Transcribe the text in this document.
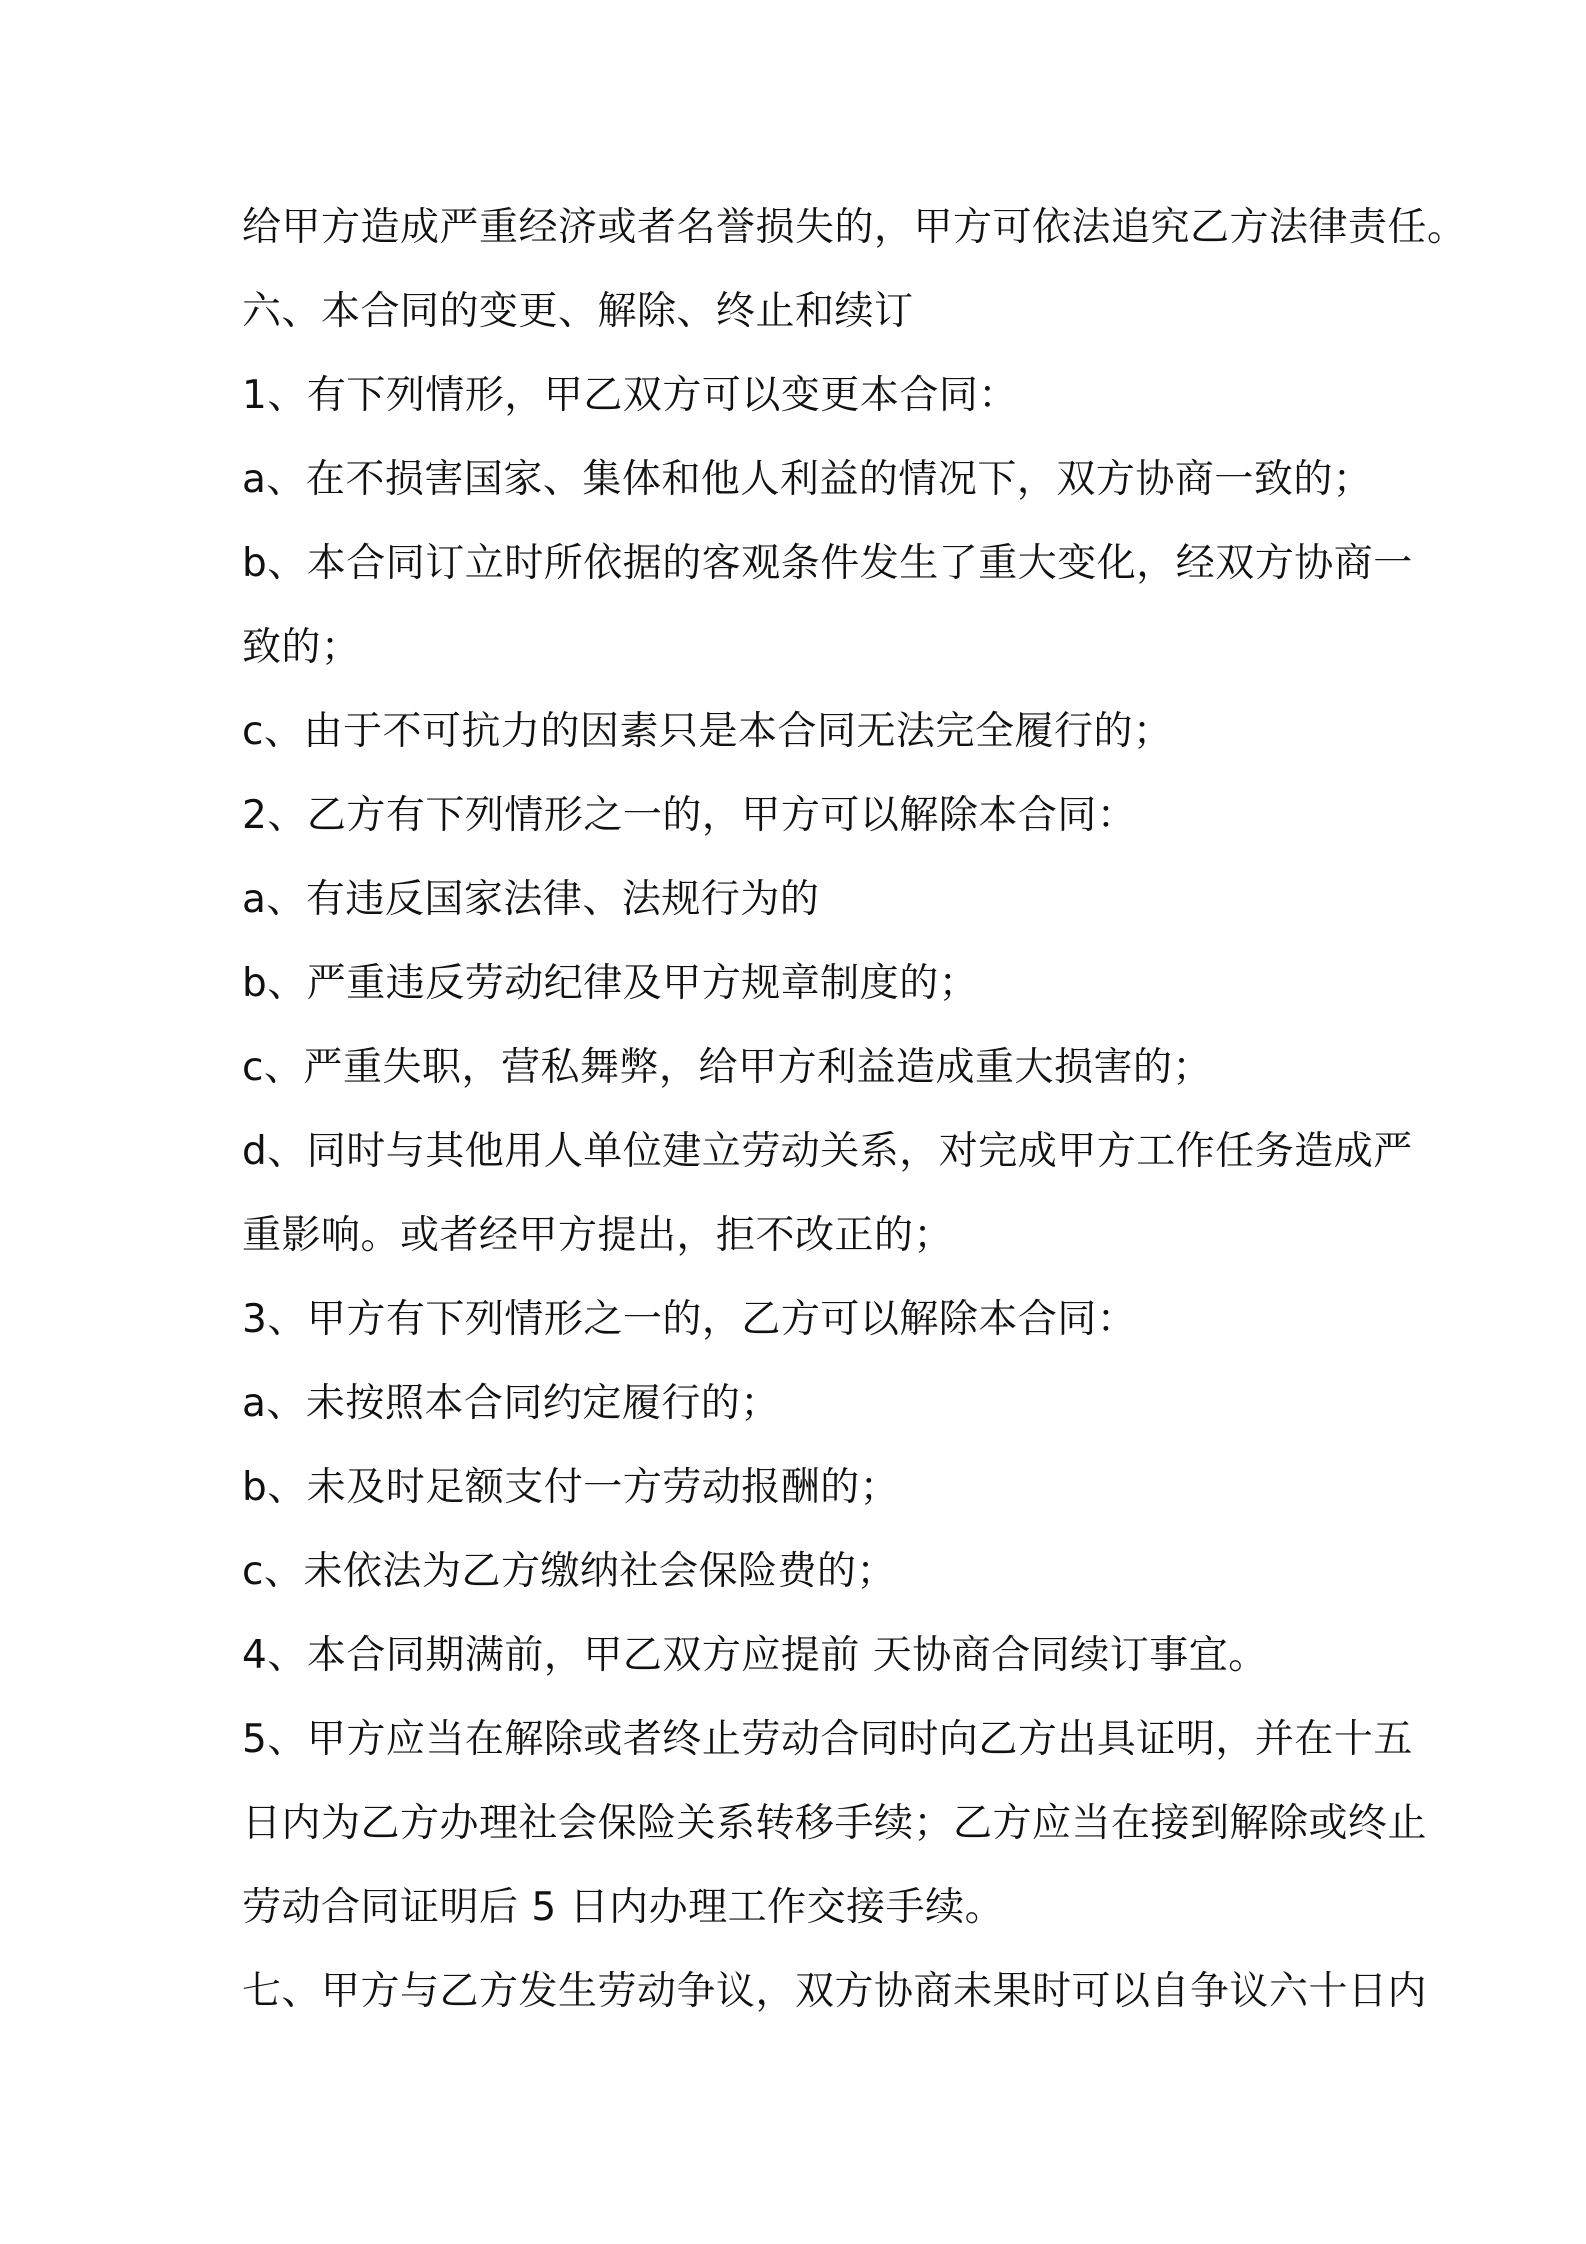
给甲方造成严重经济或者名誉损失的，甲方可依法追究乙方法律责任。
六、本合同的变更、解除、终止和续订
1、有下列情形，甲乙双方可以变更本合同：
a、在不损害国家、集体和他人利益的情况下，双方协商一致的；
b、本合同订立时所依据的客观条件发生了重大变化，经双方协商一
致的；
c、由于不可抗力的因素只是本合同无法完全履行的；
2、乙方有下列情形之一的，甲方可以解除本合同：
a、有违反国家法律、法规行为的
b、严重违反劳动纪律及甲方规章制度的；
c、严重失职，营私舞弊，给甲方利益造成重大损害的；
d、同时与其他用人单位建立劳动关系，对完成甲方工作任务造成严
重影响。或者经甲方提出，拒不改正的；
3、甲方有下列情形之一的，乙方可以解除本合同：
a、未按照本合同约定履行的；
b、未及时足额支付一方劳动报酬的；
c、未依法为乙方缴纳社会保险费的；
4、本合同期满前，甲乙双方应提前 天协商合同续订事宜。
5、甲方应当在解除或者终止劳动合同时向乙方出具证明，并在十五
日内为乙方办理社会保险关系转移手续；乙方应当在接到解除或终止
劳动合同证明后 5 日内办理工作交接手续。
七、甲方与乙方发生劳动争议，双方协商未果时可以自争议六十日内
